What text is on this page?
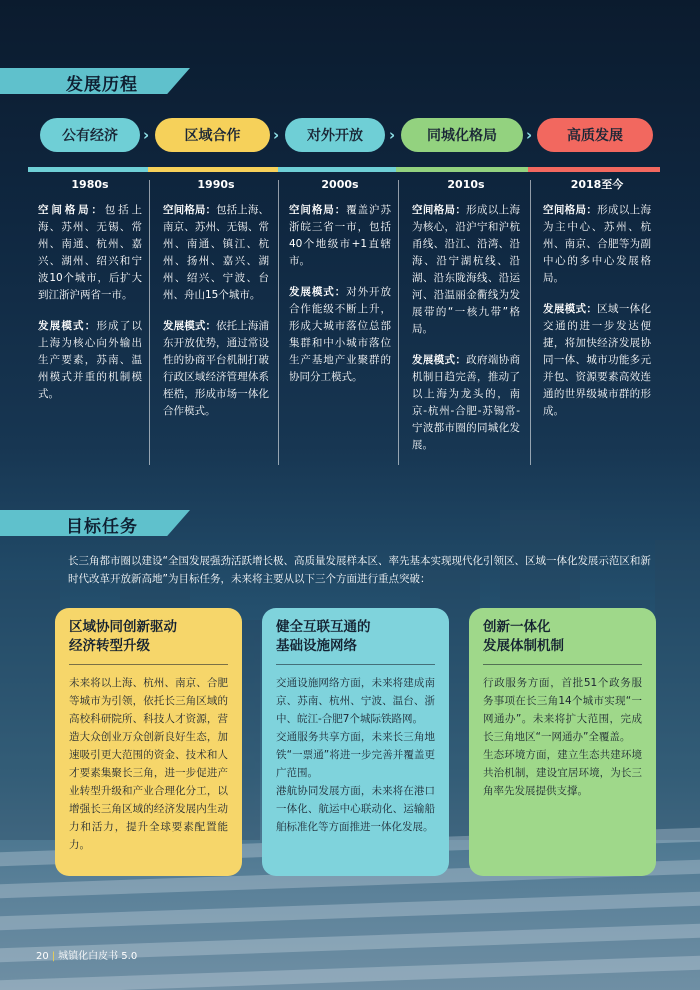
发展历程
公有经济 ›	区域合作 › 对外开放 › 同城化格局 › 高质发展
1980s

空间格局：包括上海、苏州、无锡、常州、南通、杭州、嘉兴、湖州、绍兴和宁波10个城市，后扩大到江浙沪两省一市。

发展模式：形成了以上海为核心向外输出生产要素，苏南、温州模式并重的机制模式。

1990s

空间格局：包括上海、南京、苏州、无锡、常州、南通、镇江、杭州、扬州、嘉兴、湖州、绍兴、宁波、台州、舟山15个城市。

发展模式：依托上海浦东开放优势，通过常设性的协商平台机制打破行政区域经济管理体系桎梏，形成市场一体化合作模式。

2000s

空间格局：覆盖沪苏浙皖三省一市，包括40个地级市+1直辖市。

发展模式：对外开放合作能级不断上升，形成大城市落位总部集群和中小城市落位生产基地产业聚群的协同分工模式。

2010s

空间格局：形成以上海为核心，沿沪宁和沪杭甬线、沿江、沿湾、沿海、沿宁湖杭线、沿湖、沿东陇海线、沿运河、沿温丽金衢线为发展带的“一核九带”格局。

发展模式：政府端协商机制日趋完善，推动了以上海为龙头的，南京-杭州-合肥-苏锡常-宁波都市圈的同城化发展。

2018至今

空间格局：形成以上海为主中心、苏州、杭州、南京、合肥等为副中心的多中心发展格局。

发展模式：区域一体化交通的进一步发达便捷，将加快经济发展协同一体、城市功能多元并包、资源要素高效连通的世界级城市群的形成。

目标任务
长三角都市圈以建设“全国发展强劲活跃增长极、高质量发展样本区、率先基本实现现代化引领区、区域一体化发展示范区和新时代改革开放新高地”为目标任务，未来将主要从以下三个方面进行重点突破：
区域协同创新驱动
经济转型升级

未来将以上海、杭州、南京、合肥等城市为引领，依托长三角区域的高校科研院所、科技人才资源，营造大众创业万众创新良好生态，加速吸引更大范围的资金、技术和人才要素集聚长三角，进一步促进产业转型升级和产业合理化分工，以增强长三角区域的经济发展内生动力和活力，提升全球要素配置能力。

健全互联互通的
基础设施网络

交通设施网络方面，未来将建成南京、苏南、杭州、宁波、温台、浙中、皖江-合肥7个城际铁路网。

交通服务共享方面，未来长三角地铁“一票通”将进一步完善并覆盖更广范围。

港航协同发展方面，未来将在港口一体化、航运中心联动化、运输船舶标准化等方面推进一体化发展。

创新一体化
发展体制机制

行政服务方面，首批51个政务服务事项在长三角14个城市实现“一网通办”。未来将扩大范围，完成长三角地区“一网通办”全覆盖。

生态环境方面，建立生态共建环境共治机制，建设宜居环境，为长三角率先发展提供支撑。

20 | 城镇化白皮书 5.0
